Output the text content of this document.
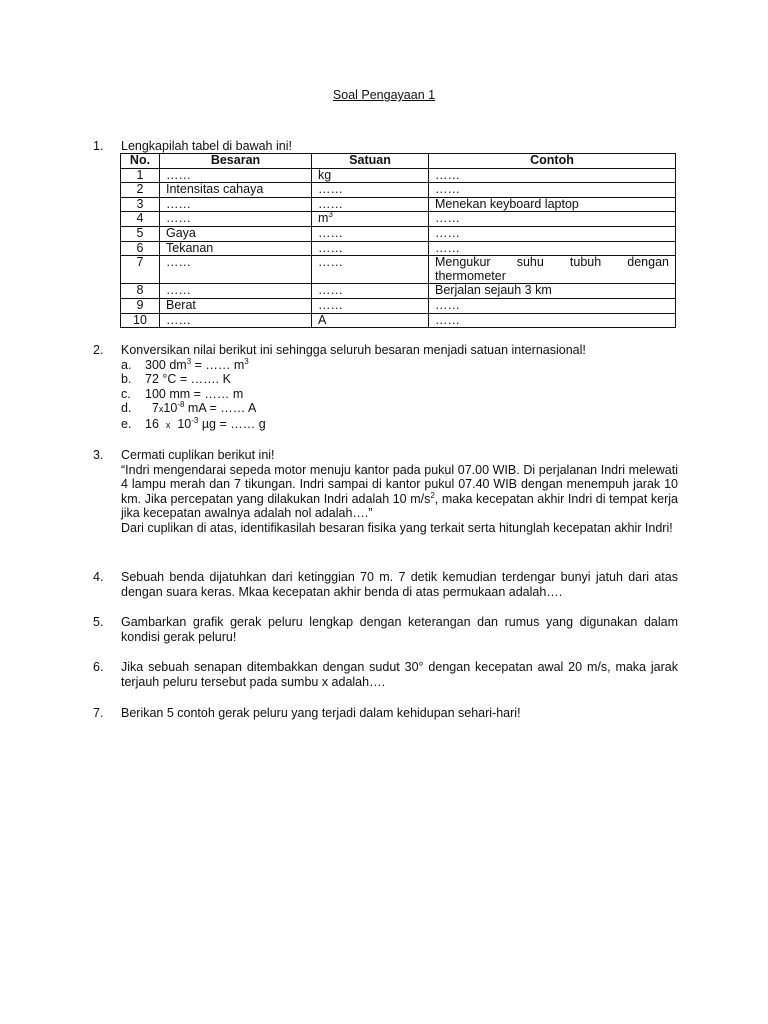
Soal Pengayaan 1
1.	Lengkapilah tabel di bawah ini!
No.	Besaran	Satuan	Contoh
1	……	kg	……
2	Intensitas cahaya	……	……
3	……	……	Menekan keyboard laptop
4	……	$m^3$	……
5	Gaya	……	……
6	Tekanan	……	……
7	……	……	Mengukur suhu tubuh dengan
thermometer

8	……	……	Berjalan sejauh 3 km
9	Berat	……	……
10	……	A	……
2.	Konversikan nilai berikut ini sehingga seluruh besaran menjadi satuan internasional!
a.	300 $dm^3$ = …… $m^3$
b.	72 °C = ……. K
c.	100 mm = …… m
d.	$7x10^{-8}$ mA = …… A
e.	16 x $10^{-3}$ µg = …… g
3.	Cermati cuplikan berikut ini!
“Indri mengendarai sepeda motor menuju kantor pada pukul 07.00 WIB. Di perjalanan Indri melewati 4 lampu merah dan 7 tikungan. Indri sampai di kantor pukul 07.40 WIB dengan menempuh jarak 10 km. Jika percepatan yang dilakukan Indri adalah 10 $m/s^2$, maka kecepatan akhir Indri di tempat kerja jika kecepatan awalnya adalah nol adalah….”
Dari cuplikan di atas, identifikasilah besaran fisika yang terkait serta hitunglah kecepatan akhir Indri!
4.	Sebuah benda dijatuhkan dari ketinggian 70 m. 7 detik kemudian terdengar bunyi jatuh dari atas dengan suara keras. Mkaa kecepatan akhir benda di atas permukaan adalah….
5.	Gambarkan grafik gerak peluru lengkap dengan keterangan dan rumus yang digunakan dalam kondisi gerak peluru!
6.	Jika sebuah senapan ditembakkan dengan sudut 30° dengan kecepatan awal 20 m/s, maka jarak terjauh peluru tersebut pada sumbu x adalah….
7.	Berikan 5 contoh gerak peluru yang terjadi dalam kehidupan sehari-hari!
